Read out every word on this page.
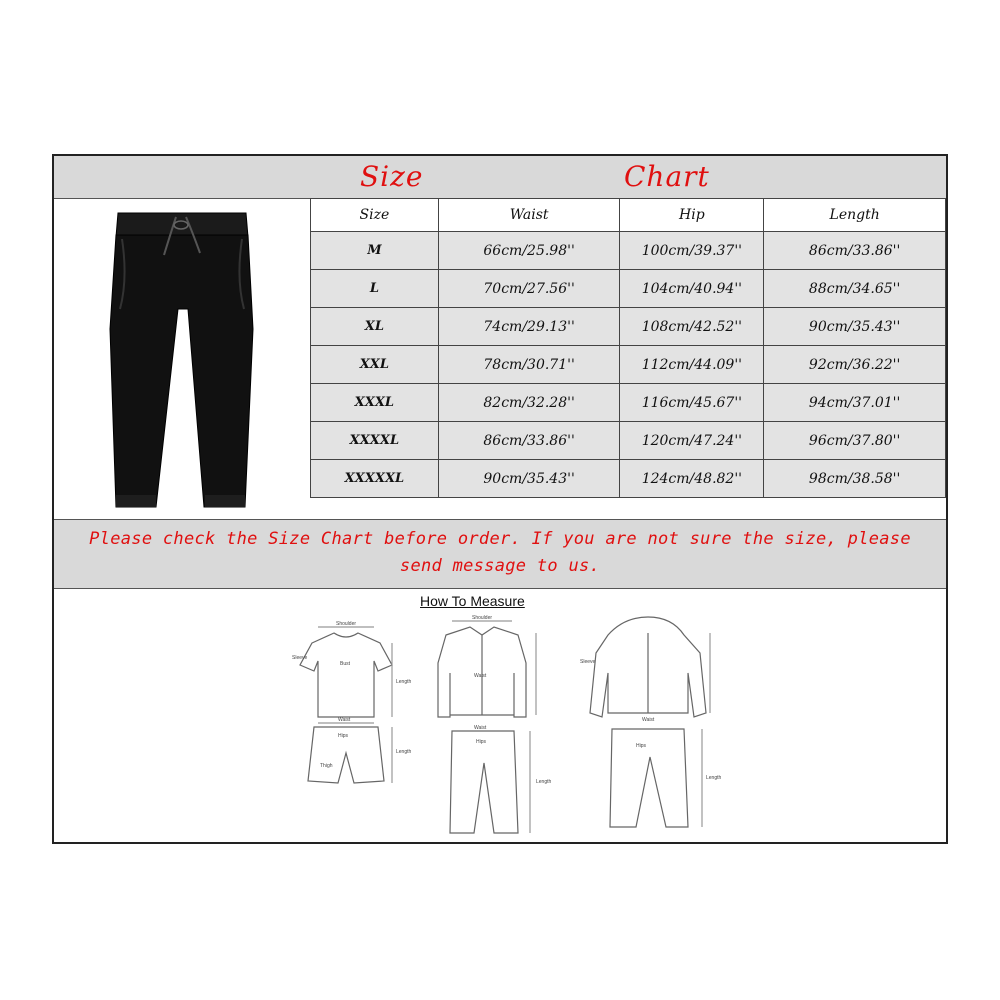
Size	Chart
Size	Waist	Hip	Length
M	66cm/25.98''	100cm/39.37''	86cm/33.86''
L	70cm/27.56''	104cm/40.94''	88cm/34.65''
XL	74cm/29.13''	108cm/42.52''	90cm/35.43''
XXL	78cm/30.71''	112cm/44.09''	92cm/36.22''
XXXL	82cm/32.28''	116cm/45.67''	94cm/37.01''
XXXXL	86cm/33.86''	120cm/47.24''	96cm/37.80''
XXXXXL	90cm/35.43''	124cm/48.82''	98cm/38.58''
Please check the Size Chart before order. If you are not sure the size, please
send message to us.
How To Measure
Shoulder
Bust
Length
Sleeve
Waist
Hips
Thigh
Length
Shoulder
Waist
Waist
Hips
Length
Sleeve
Waist
Hips
Length
